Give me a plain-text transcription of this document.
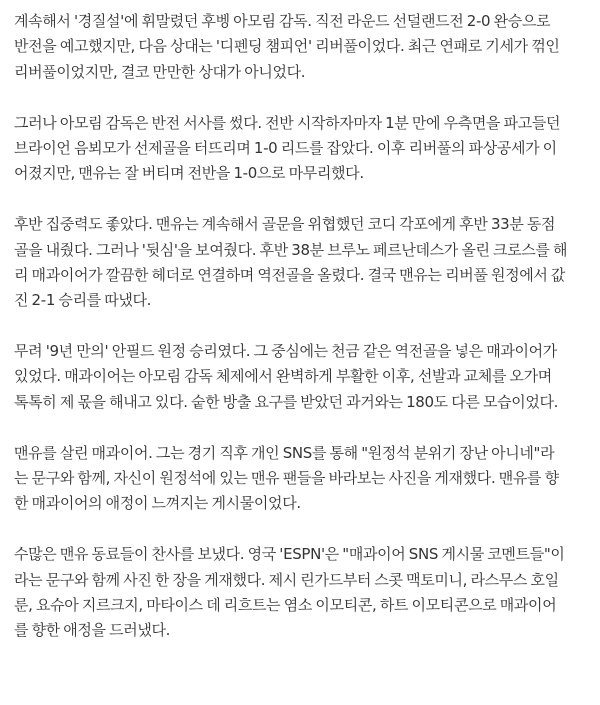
계속해서 '경질설'에 휘말렸던 후벵 아모림 감독. 직전 라운드 선덜랜드전 2-0 완승으로
반전을 예고했지만, 다음 상대는 '디펜딩 챔피언' 리버풀이었다. 최근 연패로 기세가 꺾인
리버풀이었지만, 결코 만만한 상대가 아니었다.

그러나 아모림 감독은 반전 서사를 썼다. 전반 시작하자마자 1분 만에 우측면을 파고들던
브라이언 음뵈모가 선제골을 터뜨리며 1-0 리드를 잡았다. 이후 리버풀의 파상공세가 이
어졌지만, 맨유는 잘 버티며 전반을 1-0으로 마무리했다.

후반 집중력도 좋았다. 맨유는 계속해서 골문을 위협했던 코디 각포에게 후반 33분 동점
골을 내줬다. 그러나 '뒷심'을 보여줬다. 후반 38분 브루노 페르난데스가 올린 크로스를 해
리 매과이어가 깔끔한 헤더로 연결하며 역전골을 올렸다. 결국 맨유는 리버풀 원정에서 값
진 2-1 승리를 따냈다.

무려 '9년 만의' 안필드 원정 승리였다. 그 중심에는 천금 같은 역전골을 넣은 매과이어가
있었다. 매과이어는 아모림 감독 체제에서 완벽하게 부활한 이후, 선발과 교체를 오가며
톡톡히 제 몫을 해내고 있다. 숱한 방출 요구를 받았던 과거와는 180도 다른 모습이었다.

맨유를 살린 매과이어. 그는 경기 직후 개인 SNS를 통해 "원정석 분위기 장난 아니네"라
는 문구와 함께, 자신이 원정석에 있는 맨유 팬들을 바라보는 사진을 게재했다. 맨유를 향
한 매과이어의 애정이 느껴지는 게시물이었다.

수많은 맨유 동료들이 찬사를 보냈다. 영국 'ESPN'은 "매과이어 SNS 게시물 코멘트들"이
라는 문구와 함께 사진 한 장을 게재했다. 제시 린가드부터 스콧 맥토미니, 라스무스 호일
룬, 요슈아 지르크지, 마타이스 데 리흐트는 염소 이모티콘, 하트 이모티콘으로 매과이어
를 향한 애정을 드러냈다.
